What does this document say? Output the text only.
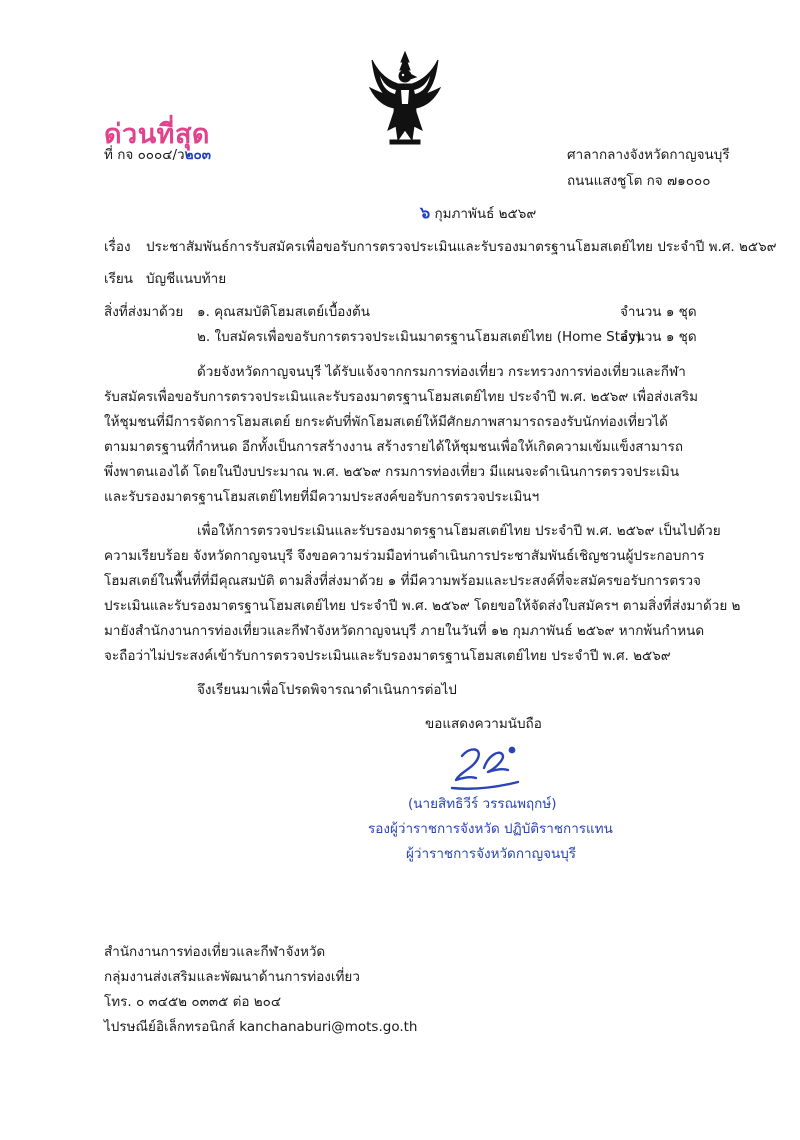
ด่วนที่สุด
ที่ กจ ๐๐๐๔/ว๒๐๓	ศาลากลางจังหวัดกาญจนบุรี
ถนนแสงชูโต กจ ๗๑๐๐๐
๖ กุมภาพันธ์ ๒๕๖๙
เรื่อง ประชาสัมพันธ์การรับสมัครเพื่อขอรับการตรวจประเมินและรับรองมาตรฐานโฮมสเตย์ไทย ประจำปี พ.ศ. ๒๕๖๙
เรียน บัญชีแนบท้าย
สิ่งที่ส่งมาด้วย ๑. คุณสมบัติโฮมสเตย์เบื้องต้น	จำนวน ๑ ชุด
๒. ใบสมัครเพื่อขอรับการตรวจประเมินมาตรฐานโฮมสเตย์ไทย (Home Stay)
จำนวน ๑ ชุด
ด้วยจังหวัดกาญจนบุรี ได้รับแจ้งจากกรมการท่องเที่ยว กระทรวงการท่องเที่ยวและกีฬา
รับสมัครเพื่อขอรับการตรวจประเมินและรับรองมาตรฐานโฮมสเตย์ไทย ประจำปี พ.ศ. ๒๕๖๙ เพื่อส่งเสริม
ให้ชุมชนที่มีการจัดการโฮมสเตย์ ยกระดับที่พักโฮมสเตย์ให้มีศักยภาพสามารถรองรับนักท่องเที่ยวได้
ตามมาตรฐานที่กำหนด อีกทั้งเป็นการสร้างงาน สร้างรายได้ให้ชุมชนเพื่อให้เกิดความเข้มแข็งสามารถ
พึ่งพาตนเองได้ โดยในปีงบประมาณ พ.ศ. ๒๕๖๙ กรมการท่องเที่ยว มีแผนจะดำเนินการตรวจประเมิน
และรับรองมาตรฐานโฮมสเตย์ไทยที่มีความประสงค์ขอรับการตรวจประเมินฯ
เพื่อให้การตรวจประเมินและรับรองมาตรฐานโฮมสเตย์ไทย ประจำปี พ.ศ. ๒๕๖๙ เป็นไปด้วย
ความเรียบร้อย จังหวัดกาญจนบุรี จึงขอความร่วมมือท่านดำเนินการประชาสัมพันธ์เชิญชวนผู้ประกอบการ
โฮมสเตย์ในพื้นที่ที่มีคุณสมบัติ ตามสิ่งที่ส่งมาด้วย ๑ ที่มีความพร้อมและประสงค์ที่จะสมัครขอรับการตรวจ
ประเมินและรับรองมาตรฐานโฮมสเตย์ไทย ประจำปี พ.ศ. ๒๕๖๙ โดยขอให้จัดส่งใบสมัครฯ ตามสิ่งที่ส่งมาด้วย ๒
มายังสำนักงานการท่องเที่ยวและกีฬาจังหวัดกาญจนบุรี ภายในวันที่ ๑๒ กุมภาพันธ์ ๒๕๖๙ หากพ้นกำหนด
จะถือว่าไม่ประสงค์เข้ารับการตรวจประเมินและรับรองมาตรฐานโฮมสเตย์ไทย ประจำปี พ.ศ. ๒๕๖๙
จึงเรียนมาเพื่อโปรดพิจารณาดำเนินการต่อไป
ขอแสดงความนับถือ
(นายสิทธิวีร์ วรรณพฤกษ์)
รองผู้ว่าราชการจังหวัด ปฏิบัติราชการแทน
ผู้ว่าราชการจังหวัดกาญจนบุรี
สำนักงานการท่องเที่ยวและกีฬาจังหวัด
กลุ่มงานส่งเสริมและพัฒนาด้านการท่องเที่ยว
โทร. ๐ ๓๔๕๒ ๐๓๓๕ ต่อ ๒๐๔
ไปรษณีย์อิเล็กทรอนิกส์ kanchanaburi@mots.go.th
